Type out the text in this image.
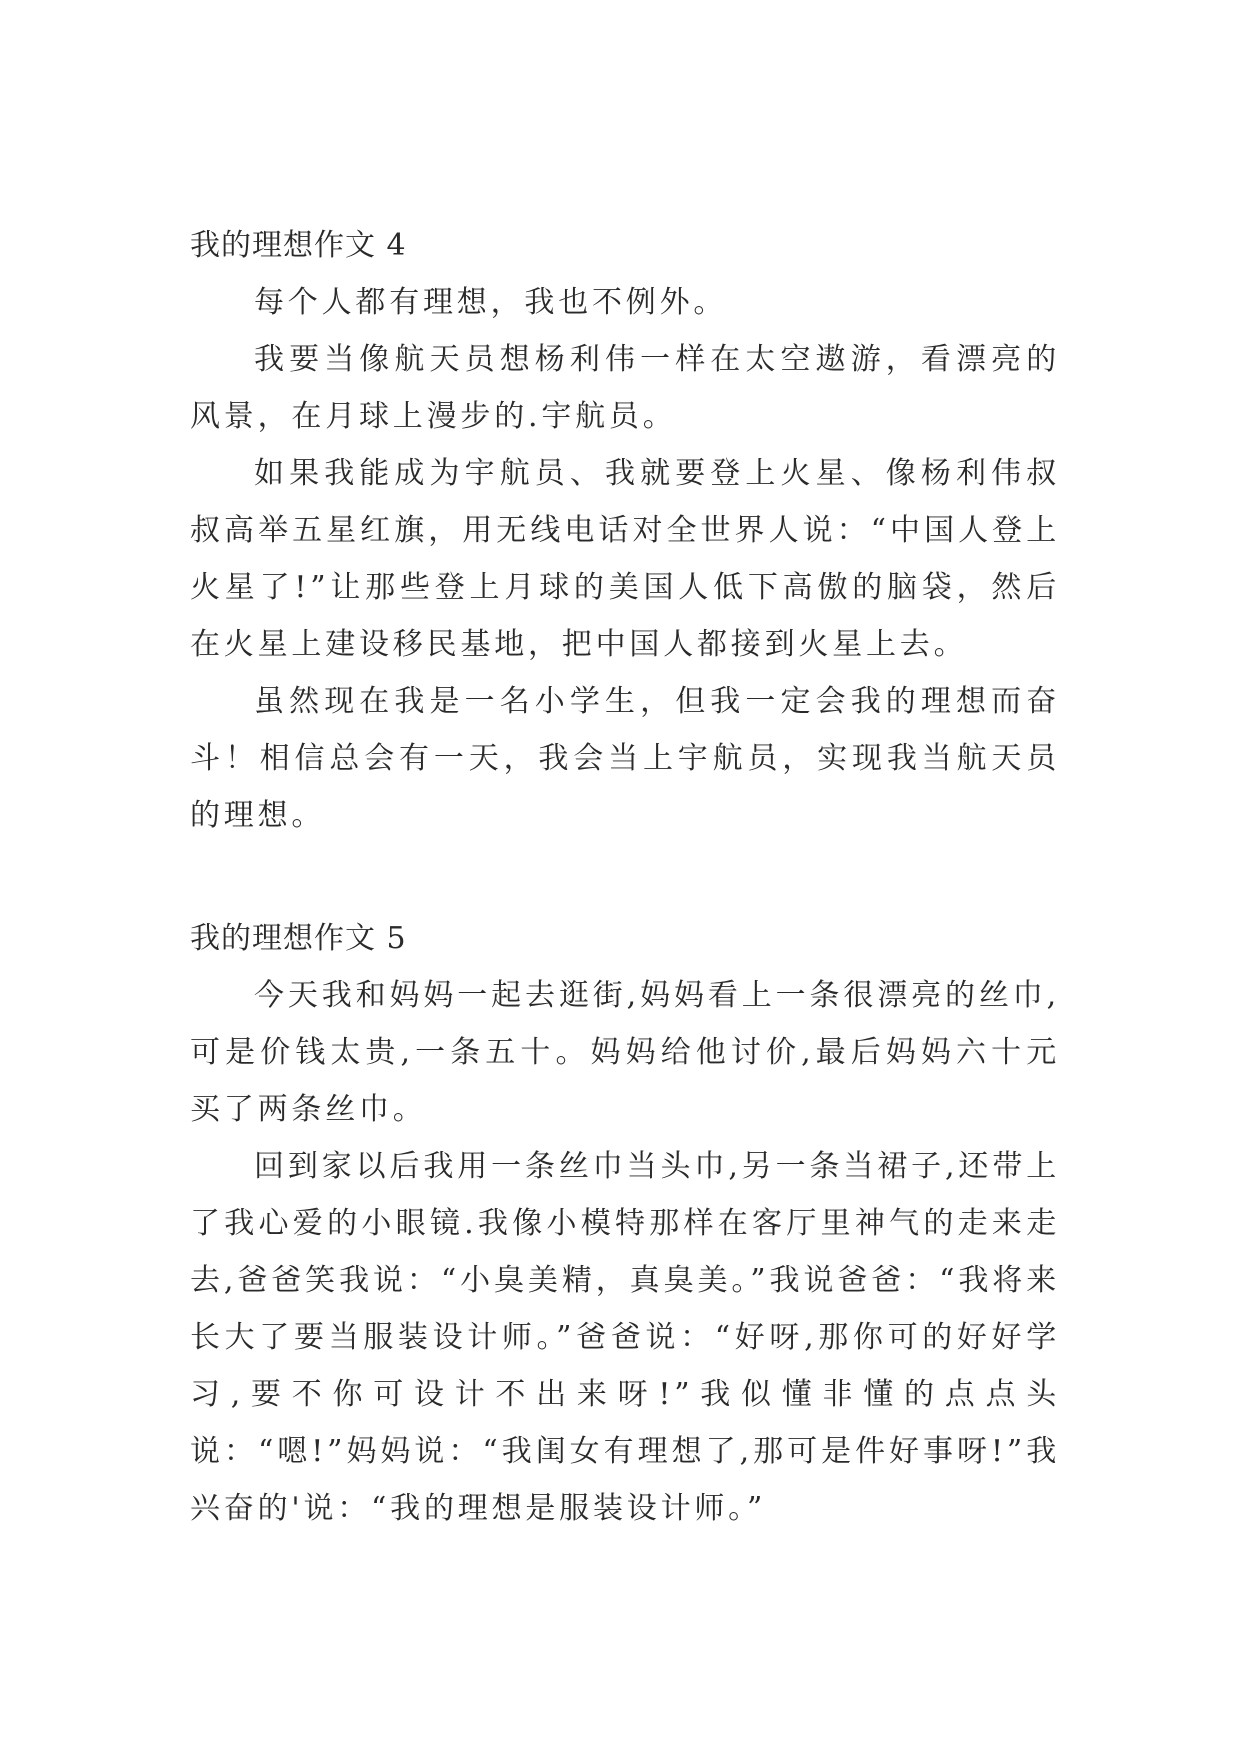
我的理想作文 4

每个人都有理想，我也不例外。

我要当像航天员想杨利伟一样在太空遨游，看漂亮的风景，在月球上漫步的.宇航员。

如果我能成为宇航员、我就要登上火星、像杨利伟叔叔高举五星红旗，用无线电话对全世界人说：“中国人登上火星了!”让那些登上月球的美国人低下高傲的脑袋，然后在火星上建设移民基地，把中国人都接到火星上去。

虽然现在我是一名小学生，但我一定会我的理想而奋斗！相信总会有一天，我会当上宇航员，实现我当航天员的理想。

我的理想作文 5

今天我和妈妈一起去逛街,妈妈看上一条很漂亮的丝巾,可是价钱太贵,一条五十。妈妈给他讨价,最后妈妈六十元买了两条丝巾。

回到家以后我用一条丝巾当头巾,另一条当裙子,还带上了我心爱的小眼镜.我像小模特那样在客厅里神气的走来走去,爸爸笑我说：“小臭美精，真臭美。”我说爸爸：“我将来长大了要当服装设计师。”爸爸说：“好呀,那你可的好好学习,要不你可设计不出来呀!”我似懂非懂的点点头说：“嗯!”妈妈说：“我闺女有理想了,那可是件好事呀!”我兴奋的'说：“我的理想是服装设计师。”
